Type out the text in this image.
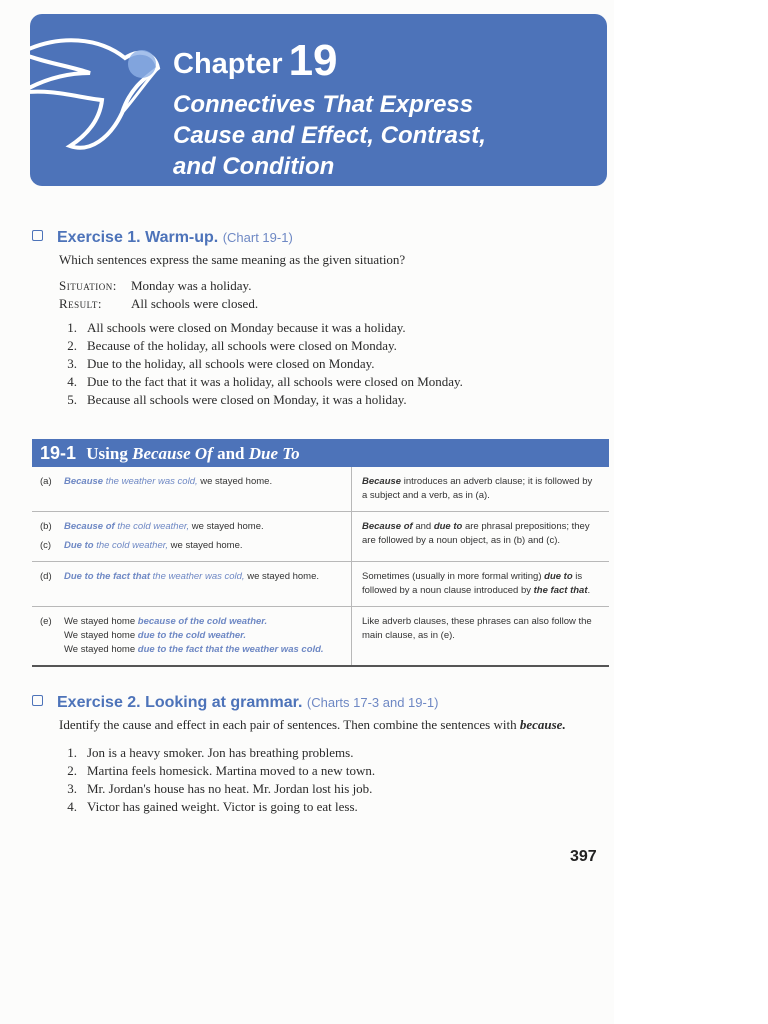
Chapter 19
Connectives That Express
Cause and Effect, Contrast,
and Condition
Exercise 1. Warm-up. (Chart 19-1)
Which sentences express the same meaning as the given situation?
Situation: Monday was a holiday.
Result: All schools were closed.
1. All schools were closed on Monday because it was a holiday.
2. Because of the holiday, all schools were closed on Monday.
3. Due to the holiday, all schools were closed on Monday.
4. Due to the fact that it was a holiday, all schools were closed on Monday.
5. Because all schools were closed on Monday, it was a holiday.
19-1 Using Because Of and Due To
(a)	Because the weather was cold, we stayed home.	Because introduces an adverb clause; it is followed by a subject and a verb, as in (a).
(b)	Because of the cold weather, we stayed home.
(c)	Due to the cold weather, we stayed home.
Because of and due to are phrasal prepositions; they are followed by a noun object, as in (b) and (c).
(d)	Due to the fact that the weather was cold, we stayed home.	Sometimes (usually in more formal writing) due to is followed by a noun clause introduced by the fact that.
(e)	We stayed home because of the cold weather.
We stayed home due to the cold weather.
We stayed home due to the fact that the weather was cold.
Like adverb clauses, these phrases can also follow the main clause, as in (e).
Exercise 2. Looking at grammar. (Charts 17-3 and 19-1)
Identify the cause and effect in each pair of sentences. Then combine the sentences with because.
1. Jon is a heavy smoker. Jon has breathing problems.
2. Martina feels homesick. Martina moved to a new town.
3. Mr. Jordan's house has no heat. Mr. Jordan lost his job.
4. Victor has gained weight. Victor is going to eat less.
397
